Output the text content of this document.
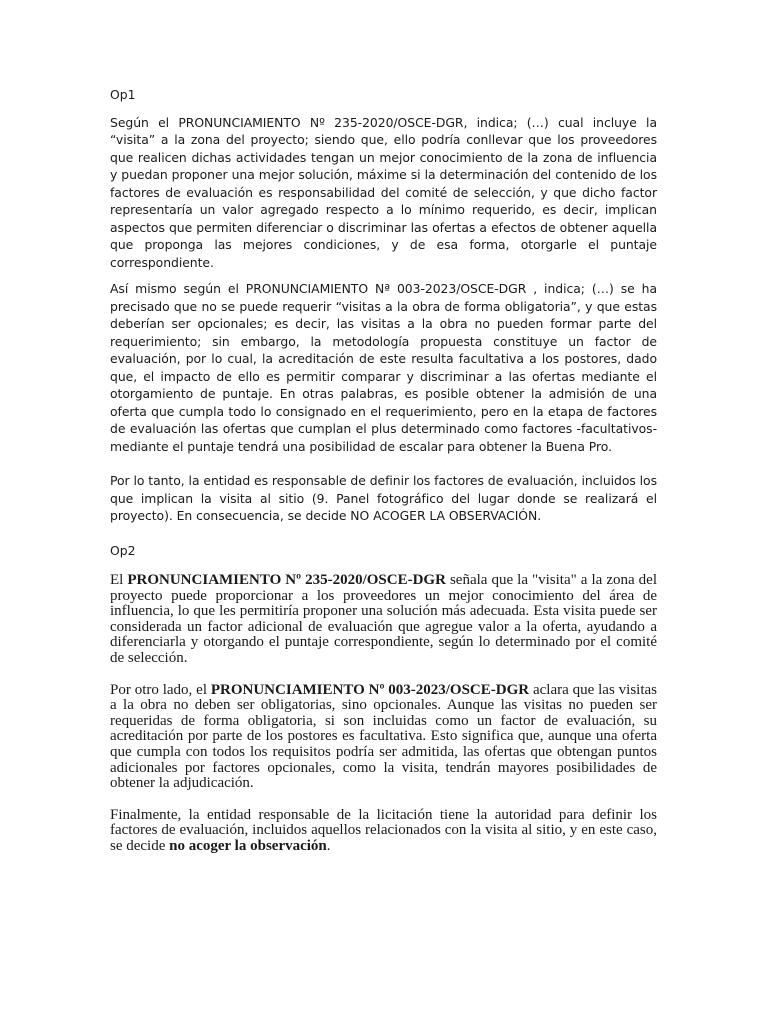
Op1

Según el PRONUNCIAMIENTO Nº 235-2020/OSCE-DGR, indica; (…) cual incluye la “visita” a la zona del proyecto; siendo que, ello podría conllevar que los proveedores que realicen dichas actividades tengan un mejor conocimiento de la zona de influencia y puedan proponer una mejor solución, máxime si la determinación del contenido de los factores de evaluación es responsabilidad del comité de selección, y que dicho factor representaría un valor agregado respecto a lo mínimo requerido, es decir, implican aspectos que permiten diferenciar o discriminar las ofertas a efectos de obtener aquella que proponga las mejores condiciones, y de esa forma, otorgarle el puntaje correspondiente.

Así mismo según el PRONUNCIAMIENTO Nª 003-2023/OSCE-DGR , indica; (…) se ha precisado que no se puede requerir “visitas a la obra de forma obligatoria”, y que estas deberían ser opcionales; es decir, las visitas a la obra no pueden formar parte del requerimiento; sin embargo, la metodología propuesta constituye un factor de evaluación, por lo cual, la acreditación de este resulta facultativa a los postores, dado que, el impacto de ello es permitir comparar y discriminar a las ofertas mediante el otorgamiento de puntaje. En otras palabras, es posible obtener la admisión de una oferta que cumpla todo lo consignado en el requerimiento, pero en la etapa de factores de evaluación las ofertas que cumplan el plus determinado como factores -facultativos- mediante el puntaje tendrá una posibilidad de escalar para obtener la Buena Pro.

Por lo tanto, la entidad es responsable de definir los factores de evaluación, incluidos los que implican la visita al sitio (9. Panel fotográfico del lugar donde se realizará el proyecto). En consecuencia, se decide NO ACOGER LA OBSERVACIÓN.

Op2

El PRONUNCIAMIENTO Nº 235-2020/OSCE-DGR señala que la "visita" a la zona del proyecto puede proporcionar a los proveedores un mejor conocimiento del área de influencia, lo que les permitiría proponer una solución más adecuada. Esta visita puede ser considerada un factor adicional de evaluación que agregue valor a la oferta, ayudando a diferenciarla y otorgando el puntaje correspondiente, según lo determinado por el comité de selección.

Por otro lado, el PRONUNCIAMIENTO Nº 003-2023/OSCE-DGR aclara que las visitas a la obra no deben ser obligatorias, sino opcionales. Aunque las visitas no pueden ser requeridas de forma obligatoria, si son incluidas como un factor de evaluación, su acreditación por parte de los postores es facultativa. Esto significa que, aunque una oferta que cumpla con todos los requisitos podría ser admitida, las ofertas que obtengan puntos adicionales por factores opcionales, como la visita, tendrán mayores posibilidades de obtener la adjudicación.

Finalmente, la entidad responsable de la licitación tiene la autoridad para definir los factores de evaluación, incluidos aquellos relacionados con la visita al sitio, y en este caso, se decide no acoger la observación.
